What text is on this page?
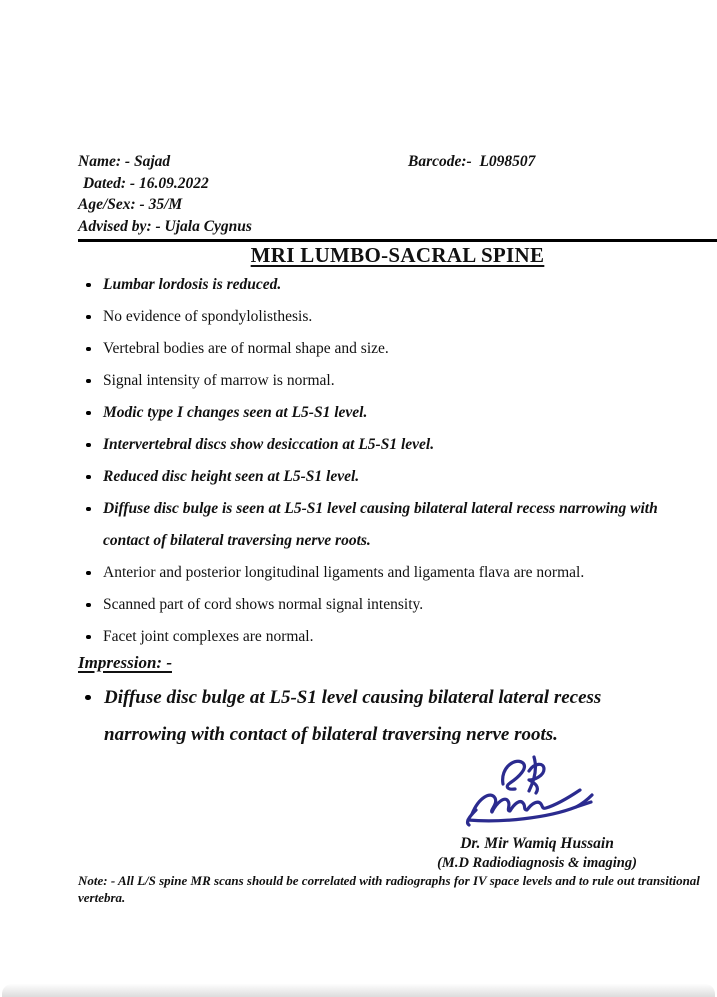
Name: - Sajad	Barcode:-  L098507
Dated: - 16.09.2022
Age/Sex: - 35/M
Advised by: - Ujala Cygnus
MRI LUMBO-SACRAL SPINE
Lumbar lordosis is reduced.
No evidence of spondylolisthesis.
Vertebral bodies are of normal shape and size.
Signal intensity of marrow is normal.
Modic type I changes seen at L5-S1 level.
Intervertebral discs show desiccation at L5-S1 level.
Reduced disc height seen at L5-S1 level.
Diffuse disc bulge is seen at L5-S1 level causing bilateral lateral recess narrowing with contact of bilateral traversing nerve roots.
Anterior and posterior longitudinal ligaments and ligamenta flava are normal.
Scanned part of cord shows normal signal intensity.
Facet joint complexes are normal.
Impression: -
Diffuse disc bulge at L5-S1 level causing bilateral lateral recess narrowing with contact of bilateral traversing nerve roots.
Dr. Mir Wamiq Hussain
(M.D Radiodiagnosis & imaging)

Note: - All L/S spine MR scans should be correlated with radiographs for IV space levels and to rule out transitional vertebra.
